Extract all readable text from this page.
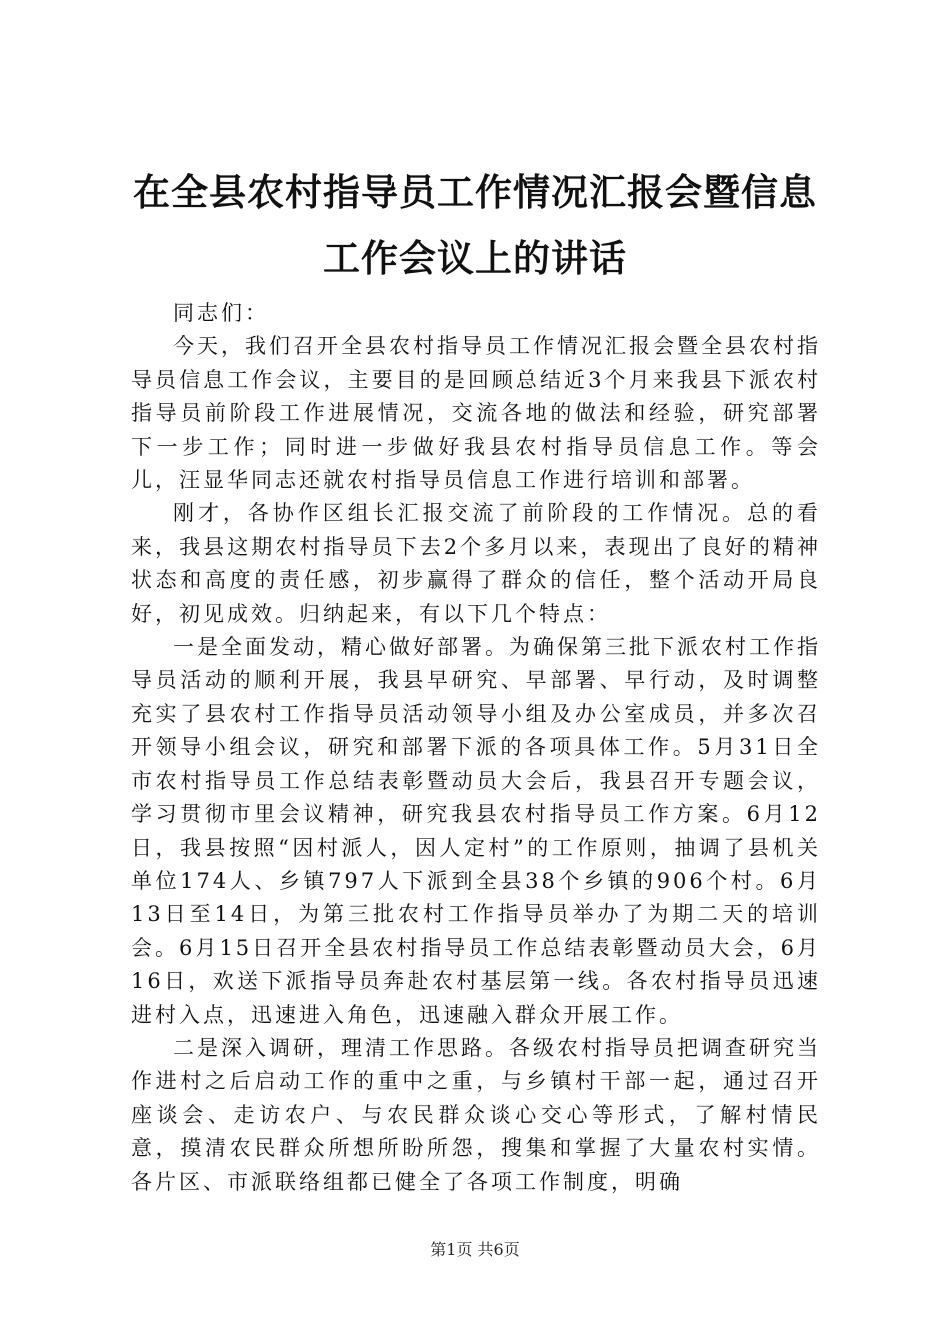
在全县农村指导员工作情况汇报会暨信息工作会议上的讲话

同志们：

今天，我们召开全县农村指导员工作情况汇报会暨全县农村指导员信息工作会议，主要目的是回顾总结近3个月来我县下派农村指导员前阶段工作进展情况，交流各地的做法和经验，研究部署下一步工作；同时进一步做好我县农村指导员信息工作。等会儿，汪显华同志还就农村指导员信息工作进行培训和部署。

刚才，各协作区组长汇报交流了前阶段的工作情况。总的看来，我县这期农村指导员下去2个多月以来，表现出了良好的精神状态和高度的责任感，初步赢得了群众的信任，整个活动开局良好，初见成效。归纳起来，有以下几个特点：

一是全面发动，精心做好部署。为确保第三批下派农村工作指导员活动的顺利开展，我县早研究、早部署、早行动，及时调整充实了县农村工作指导员活动领导小组及办公室成员，并多次召开领导小组会议，研究和部署下派的各项具体工作。5月31日全市农村指导员工作总结表彰暨动员大会后，我县召开专题会议，学习贯彻市里会议精神，研究我县农村指导员工作方案。6月12日，我县按照“因村派人，因人定村”的工作原则，抽调了县机关单位174人、乡镇797人下派到全县38个乡镇的906个村。6月13日至14日，为第三批农村工作指导员举办了为期二天的培训会。6月15日召开全县农村指导员工作总结表彰暨动员大会，6月16日，欢送下派指导员奔赴农村基层第一线。各农村指导员迅速进村入点，迅速进入角色，迅速融入群众开展工作。

二是深入调研，理清工作思路。各级农村指导员把调查研究当作进村之后启动工作的重中之重，与乡镇村干部一起，通过召开座谈会、走访农户、与农民群众谈心交心等形式，了解村情民意，摸清农民群众所想所盼所怨，搜集和掌握了大量农村实情。各片区、市派联络组都已健全了各项工作制度，明确

第1页 共6页
